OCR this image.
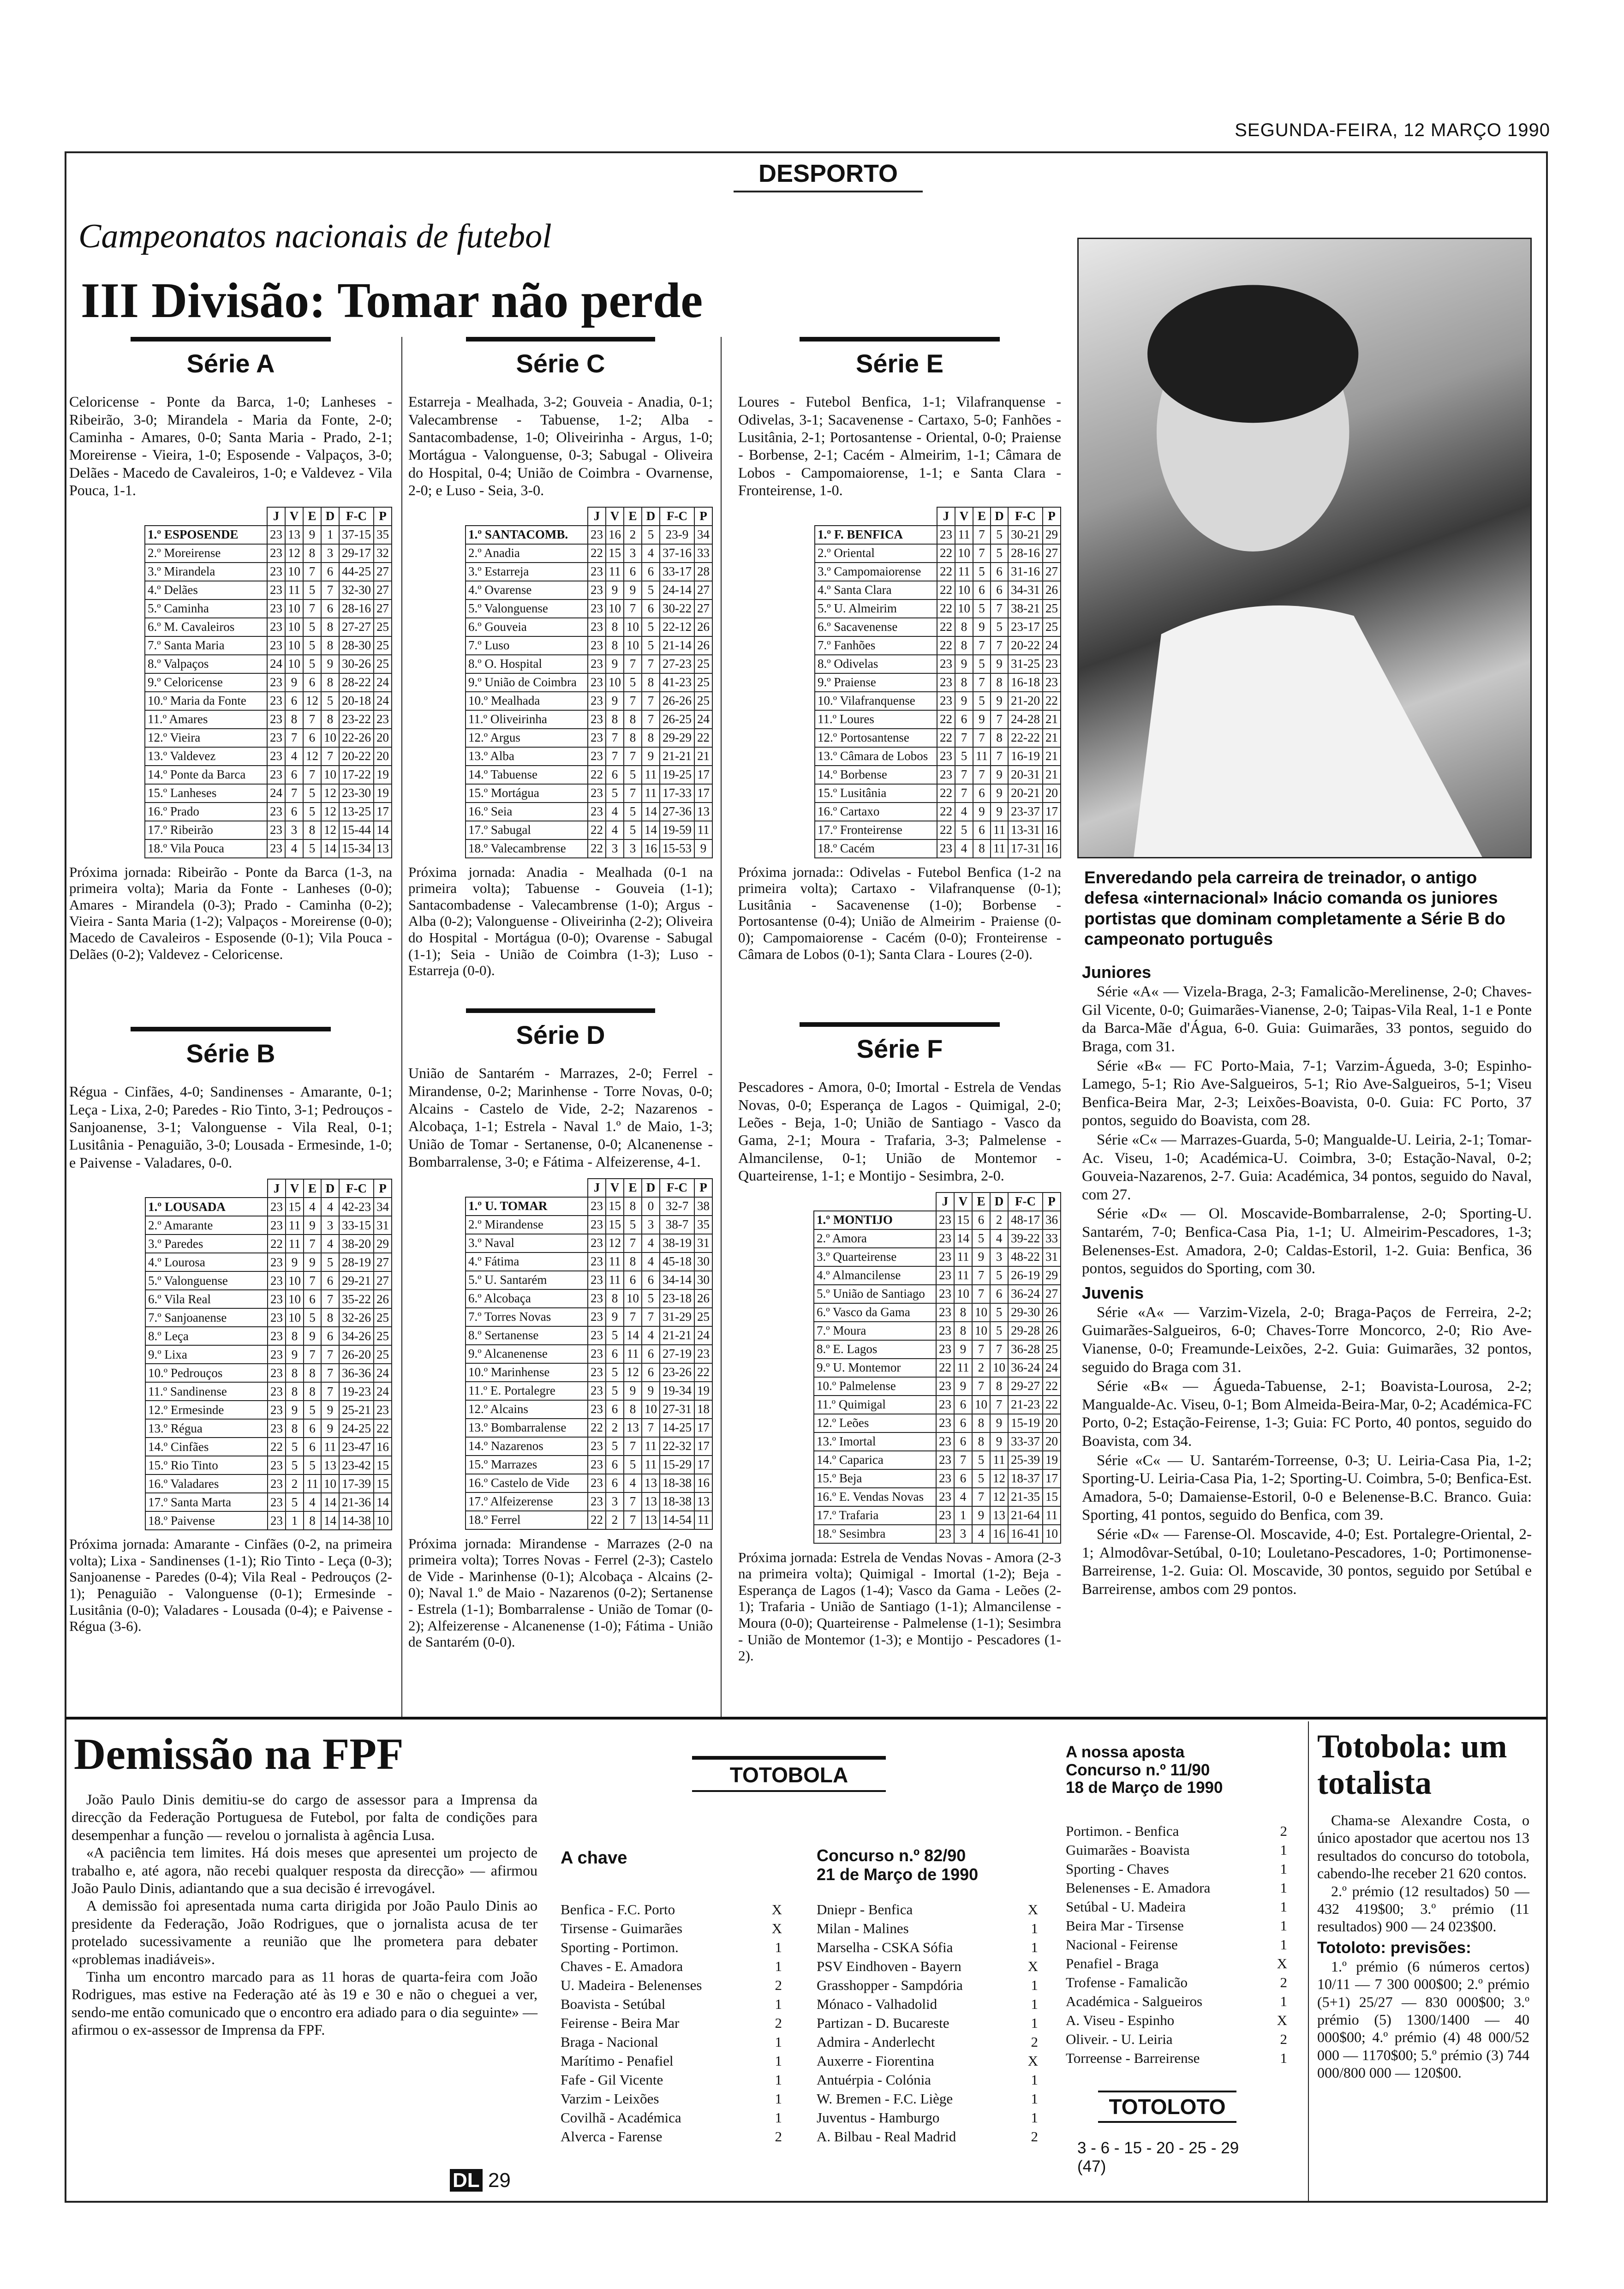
SEGUNDA-FEIRA, 12 MARÇO 1990
DESPORTO
Campeonatos nacionais de futebol
III Divisão: Tomar não perde
Série A
Celoricense - Ponte da Barca, 1-0; Lanheses - Ribeirão, 3-0; Mirandela - Maria da Fonte, 2-0; Caminha - Amares, 0-0; Santa Maria - Prado, 2-1; Moreirense - Vieira, 1-0; Esposende - Valpaços, 3-0; Delães - Macedo de Cavaleiros, 1-0; e Valdevez - Vila Pouca, 1-1.
	J	V	E	D	F-C	P
1.º ESPOSENDE	23	13	9	1	37-15	35
2.º Moreirense	23	12	8	3	29-17	32
3.º Mirandela	23	10	7	6	44-25	27
4.º Delães	23	11	5	7	32-30	27
5.º Caminha	23	10	7	6	28-16	27
6.º M. Cavaleiros	23	10	5	8	27-27	25
7.º Santa Maria	23	10	5	8	28-30	25
8.º Valpaços	24	10	5	9	30-26	25
9.º Celoricense	23	9	6	8	28-22	24
10.º Maria da Fonte	23	6	12	5	20-18	24
11.º Amares	23	8	7	8	23-22	23
12.º Vieira	23	7	6	10	22-26	20
13.º Valdevez	23	4	12	7	20-22	20
14.º Ponte da Barca	23	6	7	10	17-22	19
15.º Lanheses	24	7	5	12	23-30	19
16.º Prado	23	6	5	12	13-25	17
17.º Ribeirão	23	3	8	12	15-44	14
18.º Vila Pouca	23	4	5	14	15-34	13
Próxima jornada: Ribeirão - Ponte da Barca (1-3, na primeira volta); Maria da Fonte - Lanheses (0-0); Amares - Mirandela (0-3); Prado - Caminha (0-2); Vieira - Santa Maria (1-2); Valpaços - Moreirense (0-0); Macedo de Cavaleiros - Esposende (0-1); Vila Pouca - Delães (0-2); Valdevez - Celoricense.
Série B
Régua - Cinfães, 4-0; Sandinenses - Amarante, 0-1; Leça - Lixa, 2-0; Paredes - Rio Tinto, 3-1; Pedrouços - Sanjoanense, 3-1; Valonguense - Vila Real, 0-1; Lusitânia - Penaguião, 3-0; Lousada - Ermesinde, 1-0; e Paivense - Valadares, 0-0.
	J	V	E	D	F-C	P
1.º LOUSADA	23	15	4	4	42-23	34
2.º Amarante	23	11	9	3	33-15	31
3.º Paredes	22	11	7	4	38-20	29
4.º Lourosa	23	9	9	5	28-19	27
5.º Valonguense	23	10	7	6	29-21	27
6.º Vila Real	23	10	6	7	35-22	26
7.º Sanjoanense	23	10	5	8	32-26	25
8.º Leça	23	8	9	6	34-26	25
9.º Lixa	23	9	7	7	26-20	25
10.º Pedrouços	23	8	8	7	36-36	24
11.º Sandinense	23	8	8	7	19-23	24
12.º Ermesinde	23	9	5	9	25-21	23
13.º Régua	23	8	6	9	24-25	22
14.º Cinfães	22	5	6	11	23-47	16
15.º Rio Tinto	23	5	5	13	23-42	15
16.º Valadares	23	2	11	10	17-39	15
17.º Santa Marta	23	5	4	14	21-36	14
18.º Paivense	23	1	8	14	14-38	10
Próxima jornada: Amarante - Cinfães (0-2, na primeira volta); Lixa - Sandinenses (1-1); Rio Tinto - Leça (0-3); Sanjoanense - Paredes (0-4); Vila Real - Pedrouços (2-1); Penaguião - Valonguense (0-1); Ermesinde - Lusitânia (0-0); Valadares - Lousada (0-4); e Paivense - Régua (3-6).
Série C
Estarreja - Mealhada, 3-2; Gouveia - Anadia, 0-1; Valecambrense - Tabuense, 1-2; Alba - Santacombadense, 1-0; Oliveirinha - Argus, 1-0; Mortágua - Valonguense, 0-3; Sabugal - Oliveira do Hospital, 0-4; União de Coimbra - Ovarnense, 2-0; e Luso - Seia, 3-0.
	J	V	E	D	F-C	P
1.º SANTACOMB.	23	16	2	5	23-9	34
2.º Anadia	22	15	3	4	37-16	33
3.º Estarreja	23	11	6	6	33-17	28
4.º Ovarense	23	9	9	5	24-14	27
5.º Valonguense	23	10	7	6	30-22	27
6.º Gouveia	23	8	10	5	22-12	26
7.º Luso	23	8	10	5	21-14	26
8.º O. Hospital	23	9	7	7	27-23	25
9.º União de Coimbra	23	10	5	8	41-23	25
10.º Mealhada	23	9	7	7	26-26	25
11.º Oliveirinha	23	8	8	7	26-25	24
12.º Argus	23	7	8	8	29-29	22
13.º Alba	23	7	7	9	21-21	21
14.º Tabuense	22	6	5	11	19-25	17
15.º Mortágua	23	5	7	11	17-33	17
16.º Seia	23	4	5	14	27-36	13
17.º Sabugal	22	4	5	14	19-59	11
18.º Valecambrense	22	3	3	16	15-53	9
Próxima jornada: Anadia - Mealhada (0-1 na primeira volta); Tabuense - Gouveia (1-1); Santacombadense - Valecambrense (1-0); Argus - Alba (0-2); Valonguense - Oliveirinha (2-2); Oliveira do Hospital - Mortágua (0-0); Ovarense - Sabugal (1-1); Seia - União de Coimbra (1-3); Luso - Estarreja (0-0).
Série D
União de Santarém - Marrazes, 2-0; Ferrel - Mirandense, 0-2; Marinhense - Torre Novas, 0-0; Alcains - Castelo de Vide, 2-2; Nazarenos - Alcobaça, 1-1; Estrela - Naval 1.º de Maio, 1-3; União de Tomar - Sertanense, 0-0; Alcanenense - Bombarralense, 3-0; e Fátima - Alfeizerense, 4-1.
	J	V	E	D	F-C	P
1.º U. TOMAR	23	15	8	0	32-7	38
2.º Mirandense	23	15	5	3	38-7	35
3.º Naval	23	12	7	4	38-19	31
4.º Fátima	23	11	8	4	45-18	30
5.º U. Santarém	23	11	6	6	34-14	30
6.º Alcobaça	23	8	10	5	23-18	26
7.º Torres Novas	23	9	7	7	31-29	25
8.º Sertanense	23	5	14	4	21-21	24
9.º Alcanenense	23	6	11	6	27-19	23
10.º Marinhense	23	5	12	6	23-26	22
11.º E. Portalegre	23	5	9	9	19-34	19
12.º Alcains	23	6	8	10	27-31	18
13.º Bombarralense	22	2	13	7	14-25	17
14.º Nazarenos	23	5	7	11	22-32	17
15.º Marrazes	23	6	5	11	15-29	17
16.º Castelo de Vide	23	6	4	13	18-38	16
17.º Alfeizerense	23	3	7	13	18-38	13
18.º Ferrel	22	2	7	13	14-54	11
Próxima jornada: Mirandense - Marrazes (2-0 na primeira volta); Torres Novas - Ferrel (2-3); Castelo de Vide - Marinhense (0-1); Alcobaça - Alcains (2-0); Naval 1.º de Maio - Nazarenos (0-2); Sertanense - Estrela (1-1); Bombarralense - União de Tomar (0-2); Alfeizerense - Alcanenense (1-0); Fátima - União de Santarém (0-0).
Série E
Loures - Futebol Benfica, 1-1; Vilafranquense - Odivelas, 3-1; Sacavenense - Cartaxo, 5-0; Fanhões - Lusitânia, 2-1; Portosantense - Oriental, 0-0; Praiense - Borbense, 2-1; Cacém - Almeirim, 1-1; Câmara de Lobos - Campomaiorense, 1-1; e Santa Clara - Fronteirense, 1-0.
	J	V	E	D	F-C	P
1.º F. BENFICA	23	11	7	5	30-21	29
2.º Oriental	22	10	7	5	28-16	27
3.º Campomaiorense	22	11	5	6	31-16	27
4.º Santa Clara	22	10	6	6	34-31	26
5.º U. Almeirim	22	10	5	7	38-21	25
6.º Sacavenense	22	8	9	5	23-17	25
7.º Fanhões	22	8	7	7	20-22	24
8.º Odivelas	23	9	5	9	31-25	23
9.º Praiense	23	8	7	8	16-18	23
10.º Vilafranquense	23	9	5	9	21-20	22
11.º Loures	22	6	9	7	24-28	21
12.º Portosantense	22	7	7	8	22-22	21
13.º Câmara de Lobos	23	5	11	7	16-19	21
14.º Borbense	23	7	7	9	20-31	21
15.º Lusitânia	22	7	6	9	20-21	20
16.º Cartaxo	22	4	9	9	23-37	17
17.º Fronteirense	22	5	6	11	13-31	16
18.º Cacém	23	4	8	11	17-31	16
Próxima jornada:: Odivelas - Futebol Benfica (1-2 na primeira volta); Cartaxo - Vilafranquense (0-1); Lusitânia - Sacavenense (1-0); Borbense - Portosantense (0-4); União de Almeirim - Praiense (0-0); Campomaiorense - Cacém (0-0); Fronteirense - Câmara de Lobos (0-1); Santa Clara - Loures (2-0).
Série F
Pescadores - Amora, 0-0; Imortal - Estrela de Vendas Novas, 0-0; Esperança de Lagos - Quimigal, 2-0; Leões - Beja, 1-0; União de Santiago - Vasco da Gama, 2-1; Moura - Trafaria, 3-3; Palmelense - Almancilense, 0-1; União de Montemor - Quarteirense, 1-1; e Montijo - Sesimbra, 2-0.
	J	V	E	D	F-C	P
1.º MONTIJO	23	15	6	2	48-17	36
2.º Amora	23	14	5	4	39-22	33
3.º Quarteirense	23	11	9	3	48-22	31
4.º Almancilense	23	11	7	5	26-19	29
5.º União de Santiago	23	10	7	6	36-24	27
6.º Vasco da Gama	23	8	10	5	29-30	26
7.º Moura	23	8	10	5	29-28	26
8.º E. Lagos	23	9	7	7	36-28	25
9.º U. Montemor	22	11	2	10	36-24	24
10.º Palmelense	23	9	7	8	29-27	22
11.º Quimigal	23	6	10	7	21-23	22
12.º Leões	23	6	8	9	15-19	20
13.º Imortal	23	6	8	9	33-37	20
14.º Caparica	23	7	5	11	25-39	19
15.º Beja	23	6	5	12	18-37	17
16.º E. Vendas Novas	23	4	7	12	21-35	15
17.º Trafaria	23	1	9	13	21-64	11
18.º Sesimbra	23	3	4	16	16-41	10
Próxima jornada: Estrela de Vendas Novas - Amora (2-3 na primeira volta); Quimigal - Imortal (1-2); Beja - Esperança de Lagos (1-4); Vasco da Gama - Leões (2-1); Trafaria - União de Santiago (1-1); Almancilense - Moura (0-0); Quarteirense - Palmelense (1-1); Sesimbra - União de Montemor (1-3); e Montijo - Pescadores (1-2).
Enveredando pela carreira de treinador, o antigo defesa «internacional» Inácio comanda os juniores portistas que dominam completamente a Série B do campeonato português
Juniores

Série «A« — Vizela-Braga, 2-3; Famalicão-Merelinense, 2-0; Chaves-Gil Vicente, 0-0; Guimarães-Vianense, 2-0; Taipas-Vila Real, 1-1 e Ponte da Barca-Mãe d'Água, 6-0. Guia: Guimarães, 33 pontos, seguido do Braga, com 31.

Série «B« — FC Porto-Maia, 7-1; Varzim-Águeda, 3-0; Espinho-Lamego, 5-1; Rio Ave-Salgueiros, 5-1; Rio Ave-Salgueiros, 5-1; Viseu Benfica-Beira Mar, 2-3; Leixões-Boavista, 0-0. Guia: FC Porto, 37 pontos, seguido do Boavista, com 28.

Série «C« — Marrazes-Guarda, 5-0; Mangualde-U. Leiria, 2-1; Tomar-Ac. Viseu, 1-0; Académica-U. Coimbra, 3-0; Estação-Naval, 0-2; Gouveia-Nazarenos, 2-7. Guia: Académica, 34 pontos, seguido do Naval, com 27.

Série «D« — Ol. Moscavide-Bombarralense, 2-0; Sporting-U. Santarém, 7-0; Benfica-Casa Pia, 1-1; U. Almeirim-Pescadores, 1-3; Belenenses-Est. Amadora, 2-0; Caldas-Estoril, 1-2. Guia: Benfica, 36 pontos, seguidos do Sporting, com 30.

Juvenis

Série «A« — Varzim-Vizela, 2-0; Braga-Paços de Ferreira, 2-2; Guimarães-Salgueiros, 6-0; Chaves-Torre Moncorco, 2-0; Rio Ave-Vianense, 0-0; Freamunde-Leixões, 2-2. Guia: Guimarães, 32 pontos, seguido do Braga com 31.

Série «B« — Águeda-Tabuense, 2-1; Boavista-Lourosa, 2-2; Mangualde-Ac. Viseu, 0-1; Bom Almeida-Beira-Mar, 0-2; Académica-FC Porto, 0-2; Estação-Feirense, 1-3; Guia: FC Porto, 40 pontos, seguido do Boavista, com 34.

Série «C« — U. Santarém-Torreense, 0-3; U. Leiria-Casa Pia, 1-2; Sporting-U. Leiria-Casa Pia, 1-2; Sporting-U. Coimbra, 5-0; Benfica-Est. Amadora, 5-0; Damaiense-Estoril, 0-0 e Belenense-B.C. Branco. Guia: Sporting, 41 pontos, seguido do Benfica, com 39.

Série «D« — Farense-Ol. Moscavide, 4-0; Est. Portalegre-Oriental, 2-1; Almodôvar-Setúbal, 0-10; Louletano-Pescadores, 1-0; Portimonense-Barreirense, 1-2. Guia: Ol. Moscavide, 30 pontos, seguido por Setúbal e Barreirense, ambos com 29 pontos.

Demissão na FPF

João Paulo Dinis demitiu-se do cargo de assessor para a Imprensa da direcção da Federação Portuguesa de Futebol, por falta de condições para desempenhar a função — revelou o jornalista à agência Lusa.

«A paciência tem limites. Há dois meses que apresentei um projecto de trabalho e, até agora, não recebi qualquer resposta da direcção» — afirmou João Paulo Dinis, adiantando que a sua decisão é irrevogável.

A demissão foi apresentada numa carta dirigida por João Paulo Dinis ao presidente da Federação, João Rodrigues, que o jornalista acusa de ter protelado sucessivamente a reunião que lhe prometera para debater «problemas inadiáveis».

Tinha um encontro marcado para as 11 horas de quarta-feira com João Rodrigues, mas estive na Federação até às 19 e 30 e não o cheguei a ver, sendo-me então comunicado que o encontro era adiado para o dia seguinte» — afirmou o ex-assessor de Imprensa da FPF.

DL 29
TOTOBOLA
A chave	Concurso n.º 82/90
21 de Março de 1990
Benfica - F.C. Porto	X
Tirsense - Guimarães	X
Sporting - Portimon.	1
Chaves - E. Amadora	1
U. Madeira - Belenenses	2
Boavista - Setúbal	1
Feirense - Beira Mar	2
Braga - Nacional	1
Marítimo - Penafiel	1
Fafe - Gil Vicente	1
Varzim - Leixões	1
Covilhã - Académica	1
Alverca - Farense	2
Dniepr - Benfica	X
Milan - Malines	1
Marselha - CSKA Sófia	1
PSV Eindhoven - Bayern	X
Grasshopper - Sampdória	1
Mónaco - Valhadolid	1
Partizan - D. Bucareste	1
Admira - Anderlecht	2
Auxerre - Fiorentina	X
Antuérpia - Colónia	1
W. Bremen - F.C. Liège	1
Juventus - Hamburgo	1
A. Bilbau - Real Madrid	2
A nossa aposta
Concurso n.º 11/90
18 de Março de 1990
Portimon. - Benfica	2
Guimarães - Boavista	1
Sporting - Chaves	1
Belenenses - E. Amadora	1
Setúbal - U. Madeira	1
Beira Mar - Tirsense	1
Nacional - Feirense	1
Penafiel - Braga	X
Trofense - Famalicão	2
Académica - Salgueiros	1
A. Viseu - Espinho	X
Oliveir. - U. Leiria	2
Torreense - Barreirense	1
TOTOLOTO
3 - 6 - 15 - 20 - 25 - 29 (47)
Totobola: um totalista

Chama-se Alexandre Costa, o único apostador que acertou nos 13 resultados do concurso do totobola, cabendo-lhe receber 21 620 contos.

2.º prémio (12 resultados) 50 — 432 419$00; 3.º prémio (11 resultados) 900 — 24 023$00.

Totoloto: previsões:

1.º prémio (6 números certos) 10/11 — 7 300 000$00; 2.º prémio (5+1) 25/27 — 830 000$00; 3.º prémio (5) 1300/1400 — 40 000$00; 4.º prémio (4) 48 000/52 000 — 1170$00; 5.º prémio (3) 744 000/800 000 — 120$00.
